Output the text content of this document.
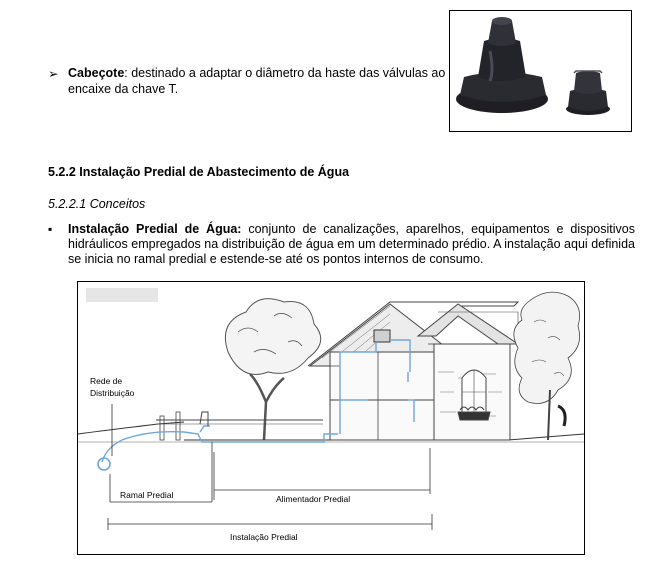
➢ Cabeçote: destinado a adaptar o diâmetro da haste das válvulas ao encaixe da chave T.
5.2.2 Instalação Predial de Abastecimento de Água
5.2.2.1 Conceitos
▪ Instalação Predial de Água: conjunto de canalizações, aparelhos, equipamentos e dispositivos hidráulicos empregados na distribuição de água em um determinado prédio. A instalação aqui definida se inicia no ramal predial e estende-se até os pontos internos de consumo.
Rede de
Distribuição
Ramal Predial	Alimentador Predial
Instalação Predial
